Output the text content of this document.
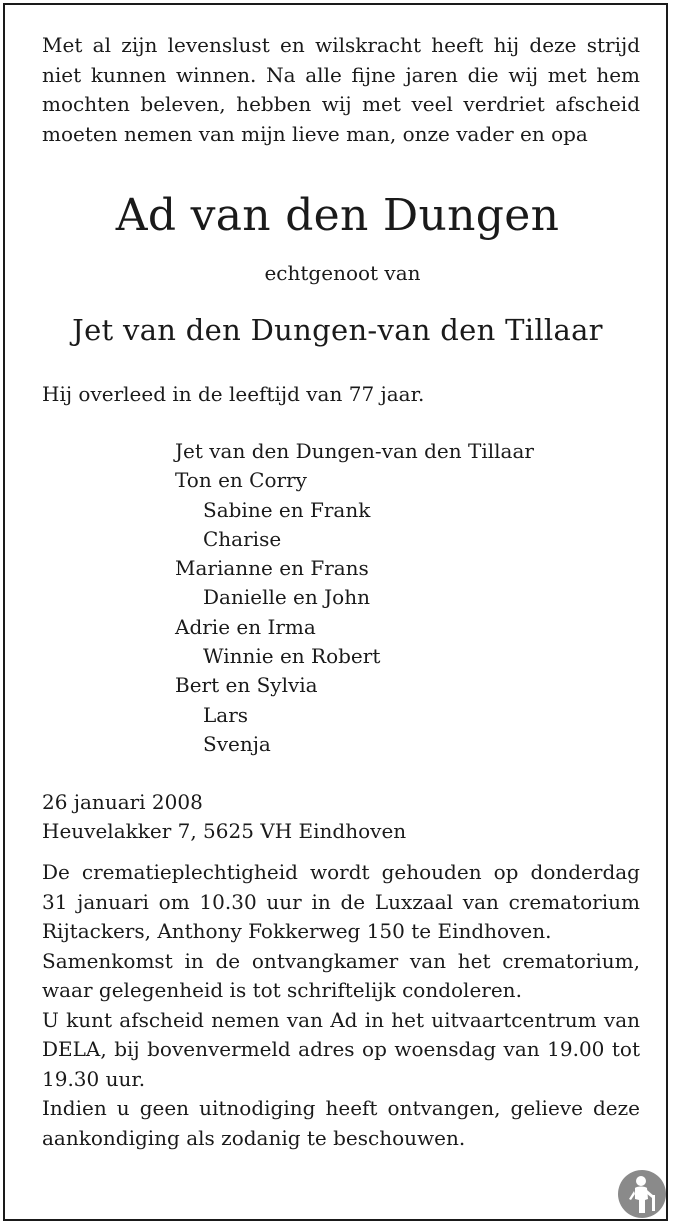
Met al zijn levenslust en wilskracht heeft hij deze strijd niet kunnen winnen. Na alle fijne jaren die wij met hem mochten beleven, hebben wij met veel verdriet afscheid moeten nemen van mijn lieve man, onze vader en opa
Ad van den Dungen
echtgenoot van
Jet van den Dungen-van den Tillaar
Hij overleed in de leeftijd van 77 jaar.
Jet van den Dungen-van den Tillaar
Ton en Corry
Sabine en Frank
Charise
Marianne en Frans
Danielle en John
Adrie en Irma
Winnie en Robert
Bert en Sylvia
Lars
Svenja
26 januari 2008
Heuvelakker 7, 5625 VH Eindhoven

De crematieplechtigheid wordt gehouden op donderdag 31 januari om 10.30 uur in de Luxzaal van crematorium Rijtackers, Anthony Fokkerweg 150 te Eindhoven.

Samenkomst in de ontvangkamer van het crematorium, waar gelegenheid is tot schriftelijk condoleren.

U kunt afscheid nemen van Ad in het uitvaartcentrum van DELA, bij bovenvermeld adres op woensdag van 19.00 tot 19.30 uur.

Indien u geen uitnodiging heeft ontvangen, gelieve deze aankondiging als zodanig te beschouwen.
